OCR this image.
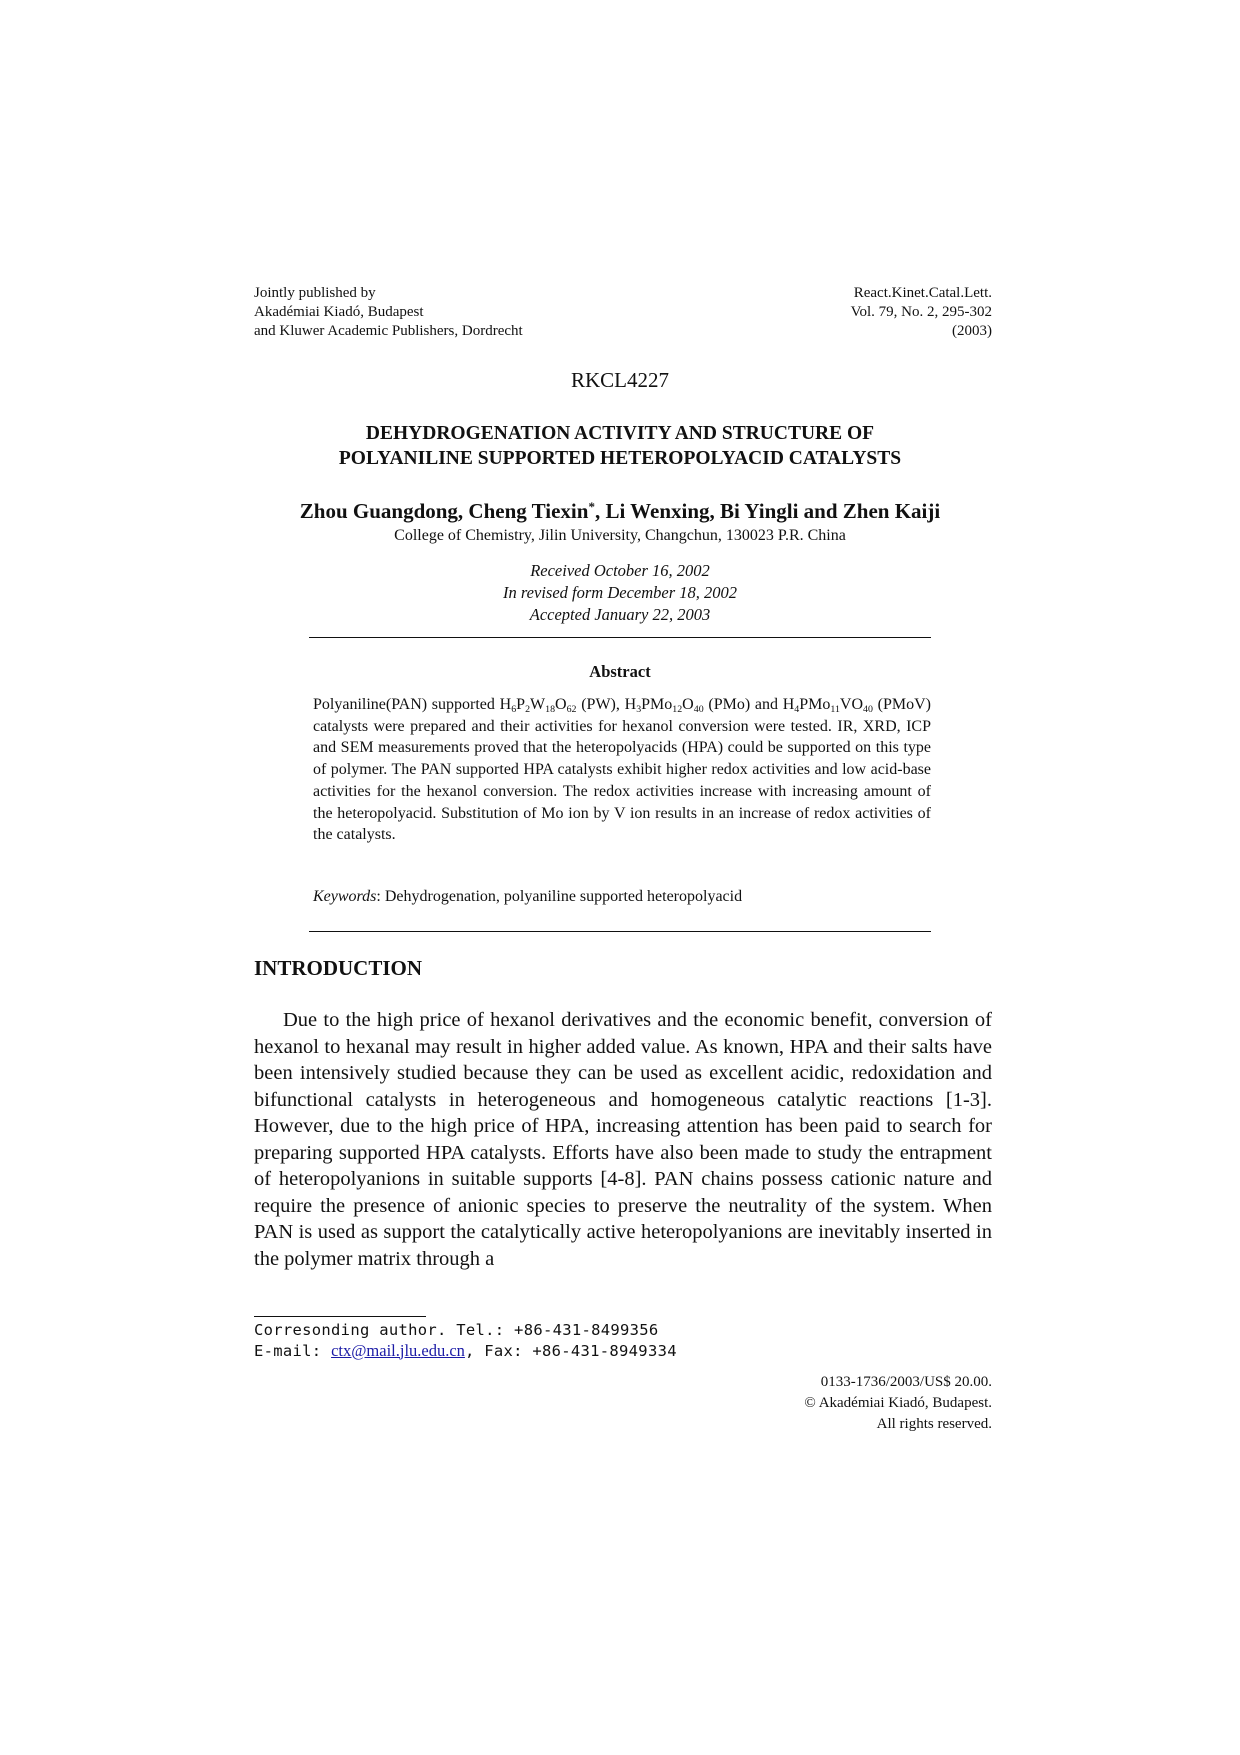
Jointly published by
Akadémiai Kiadó, Budapest
and Kluwer Academic Publishers, Dordrecht
React.Kinet.Catal.Lett.
Vol. 79, No. 2, 295-302
(2003)
RKCL4227
DEHYDROGENATION ACTIVITY AND STRUCTURE OF
POLYANILINE SUPPORTED HETEROPOLYACID CATALYSTS
Zhou Guangdong, Cheng Tiexin*, Li Wenxing, Bi Yingli and Zhen Kaiji
College of Chemistry, Jilin University, Changchun, 130023 P.R. China
Received October 16, 2002
In revised form December 18, 2002
Accepted January 22, 2003
Abstract
Polyaniline(PAN) supported $H_6P_2W_{18}O_{62}$ (PW), $H_3PMo_{12}O_{40}$ (PMo) and $H_4PMo_{11}VO_{40}$ (PMoV) catalysts were prepared and their activities for hexanol conversion were tested. IR, XRD, ICP and SEM measurements proved that the heteropolyacids (HPA) could be supported on this type of polymer. The PAN supported HPA catalysts exhibit higher redox activities and low acid-base activities for the hexanol conversion. The redox activities increase with increasing amount of the heteropolyacid. Substitution of Mo ion by V ion results in an increase of redox activities of the catalysts.
Keywords: Dehydrogenation, polyaniline supported heteropolyacid
INTRODUCTION
Due to the high price of hexanol derivatives and the economic benefit, conversion of hexanol to hexanal may result in higher added value. As known, HPA and their salts have been intensively studied because they can be used as excellent acidic, redoxidation and bifunctional catalysts in heterogeneous and homogeneous catalytic reactions [1-3]. However, due to the high price of HPA, increasing attention has been paid to search for preparing supported HPA catalysts. Efforts have also been made to study the entrapment of heteropolyanions in suitable supports [4-8]. PAN chains possess cationic nature and require the presence of anionic species to preserve the neutrality of the system. When PAN is used as support the catalytically active heteropolyanions are inevitably inserted in the polymer matrix through a
Corresonding author. Tel.: +86-431-8499356
E-mail: ctx@mail.jlu.edu.cn, Fax: +86-431-8949334
0133-1736/2003/US$ 20.00.
© Akadémiai Kiadó, Budapest.
All rights reserved.
